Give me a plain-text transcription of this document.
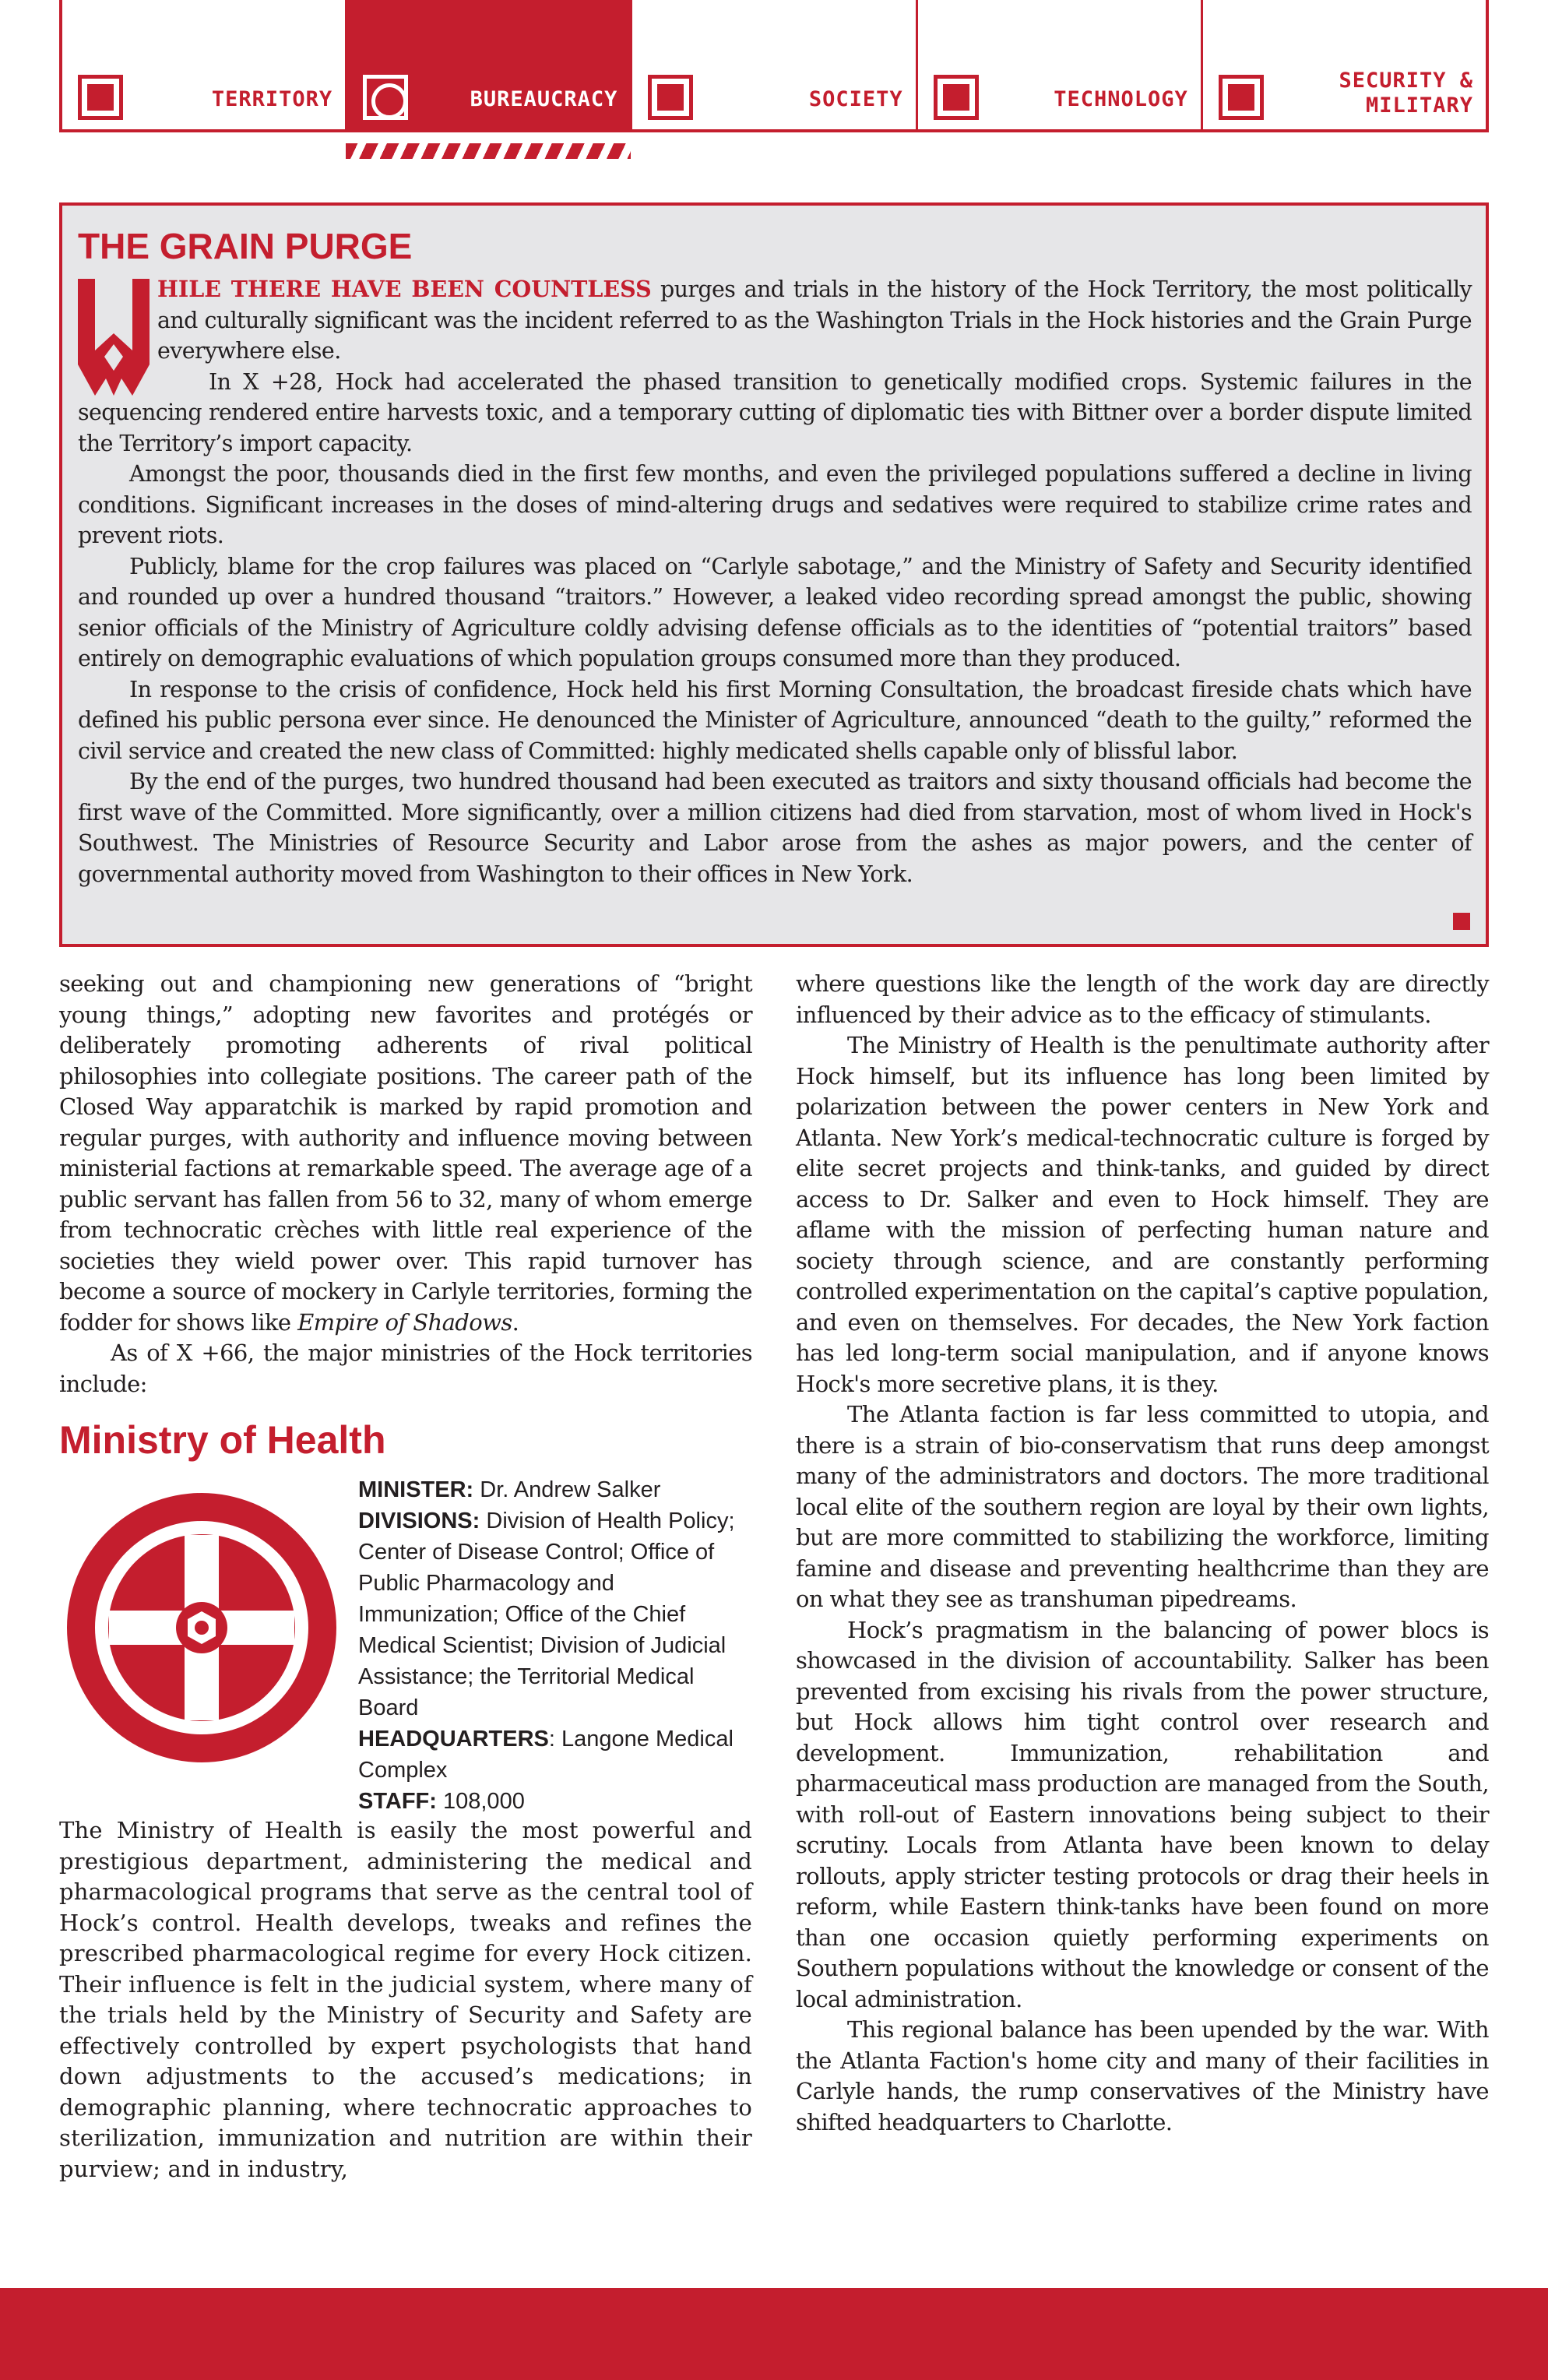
TERRITORY	BUREAUCRACY	SOCIETY	TECHNOLOGY
SECURITY &
MILITARY
THE GRAIN PURGE

HILE THERE HAVE BEEN COUNTLESS purges and trials in the history of the Hock Territory, the most politically and culturally significant was the incident referred to as the Washington Trials in the Hock histories and the Grain Purge everywhere else.

In X +28, Hock had accelerated the phased transition to genetically modified crops. Systemic failures in the sequencing rendered entire harvests toxic, and a temporary cutting of diplomatic ties with Bittner over a border dispute limited the Territory’s import capacity.

Amongst the poor, thousands died in the first few months, and even the privileged populations suffered a decline in living conditions. Significant increases in the doses of mind-altering drugs and sedatives were required to stabilize crime rates and prevent riots.

Publicly, blame for the crop failures was placed on “Carlyle sabotage,” and the Ministry of Safety and Security identified and rounded up over a hundred thousand “traitors.” However, a leaked video recording spread amongst the public, showing senior officials of the Ministry of Agriculture coldly advising defense officials as to the identities of “potential traitors” based entirely on demographic evaluations of which population groups consumed more than they produced.

In response to the crisis of confidence, Hock held his first Morning Consultation, the broadcast fireside chats which have defined his public persona ever since. He denounced the Minister of Agriculture, announced “death to the guilty,” reformed the civil service and created the new class of Committed: highly medicated shells capable only of blissful labor.

By the end of the purges, two hundred thousand had been executed as traitors and sixty thousand officials had become the first wave of the Committed. More significantly, over a million citizens had died from starvation, most of whom lived in Hock's Southwest. The Ministries of Resource Security and Labor arose from the ashes as major powers, and the center of governmental authority moved from Washington to their offices in New York.

seeking out and championing new generations of “bright young things,” adopting new favorites and protégés or deliberately promoting adherents of rival political philosophies into collegiate positions. The career path of the Closed Way apparatchik is marked by rapid promotion and regular purges, with authority and influence moving between ministerial factions at remarkable speed. The average age of a public servant has fallen from 56 to 32, many of whom emerge from technocratic crèches with little real experience of the societies they wield power over. This rapid turnover has become a source of mockery in Carlyle territories, forming the fodder for shows like Empire of Shadows.

As of X +66, the major ministries of the Hock territories include:

Ministry of Health
MINISTER: Dr. Andrew Salker
DIVISIONS: Division of Health Policy; Center of Disease Control; Office of Public Pharmacology and Immunization; Office of the Chief Medical Scientist; Division of Judicial Assistance; the Territorial Medical Board
HEADQUARTERS: Langone Medical Complex
STAFF: 108,000

The Ministry of Health is easily the most powerful and prestigious department, administering the medical and pharmacological programs that serve as the central tool of Hock’s control. Health develops, tweaks and refines the prescribed pharmacological regime for every Hock citizen. Their influence is felt in the judicial system, where many of the trials held by the Ministry of Security and Safety are effectively controlled by expert psychologists that hand down adjustments to the accused’s medications; in demographic planning, where technocratic approaches to sterilization, immunization and nutrition are within their purview; and in industry,

where questions like the length of the work day are directly influenced by their advice as to the efficacy of stimulants.

The Ministry of Health is the penultimate authority after Hock himself, but its influence has long been limited by polarization between the power centers in New York and Atlanta. New York’s medical-technocratic culture is forged by elite secret projects and think-tanks, and guided by direct access to Dr. Salker and even to Hock himself. They are aflame with the mission of perfecting human nature and society through science, and are constantly performing controlled experimentation on the capital’s captive population, and even on themselves. For decades, the New York faction has led long-term social manipulation, and if anyone knows Hock's more secretive plans, it is they.

The Atlanta faction is far less committed to utopia, and there is a strain of bio-conservatism that runs deep amongst many of the administrators and doctors. The more traditional local elite of the southern region are loyal by their own lights, but are more committed to stabilizing the workforce, limiting famine and disease and preventing healthcrime than they are on what they see as transhuman pipedreams.

Hock’s pragmatism in the balancing of power blocs is showcased in the division of accountability. Salker has been prevented from excising his rivals from the power structure, but Hock allows him tight control over research and development. Immunization, rehabilitation and pharmaceutical mass production are managed from the South, with roll-out of Eastern innovations being subject to their scrutiny. Locals from Atlanta have been known to delay rollouts, apply stricter testing protocols or drag their heels in reform, while Eastern think-tanks have been found on more than one occasion quietly performing experiments on Southern populations without the knowledge or consent of the local administration.

This regional balance has been upended by the war. With the Atlanta Faction's home city and many of their facilities in Carlyle hands, the rump conservatives of the Ministry have shifted headquarters to Charlotte.
